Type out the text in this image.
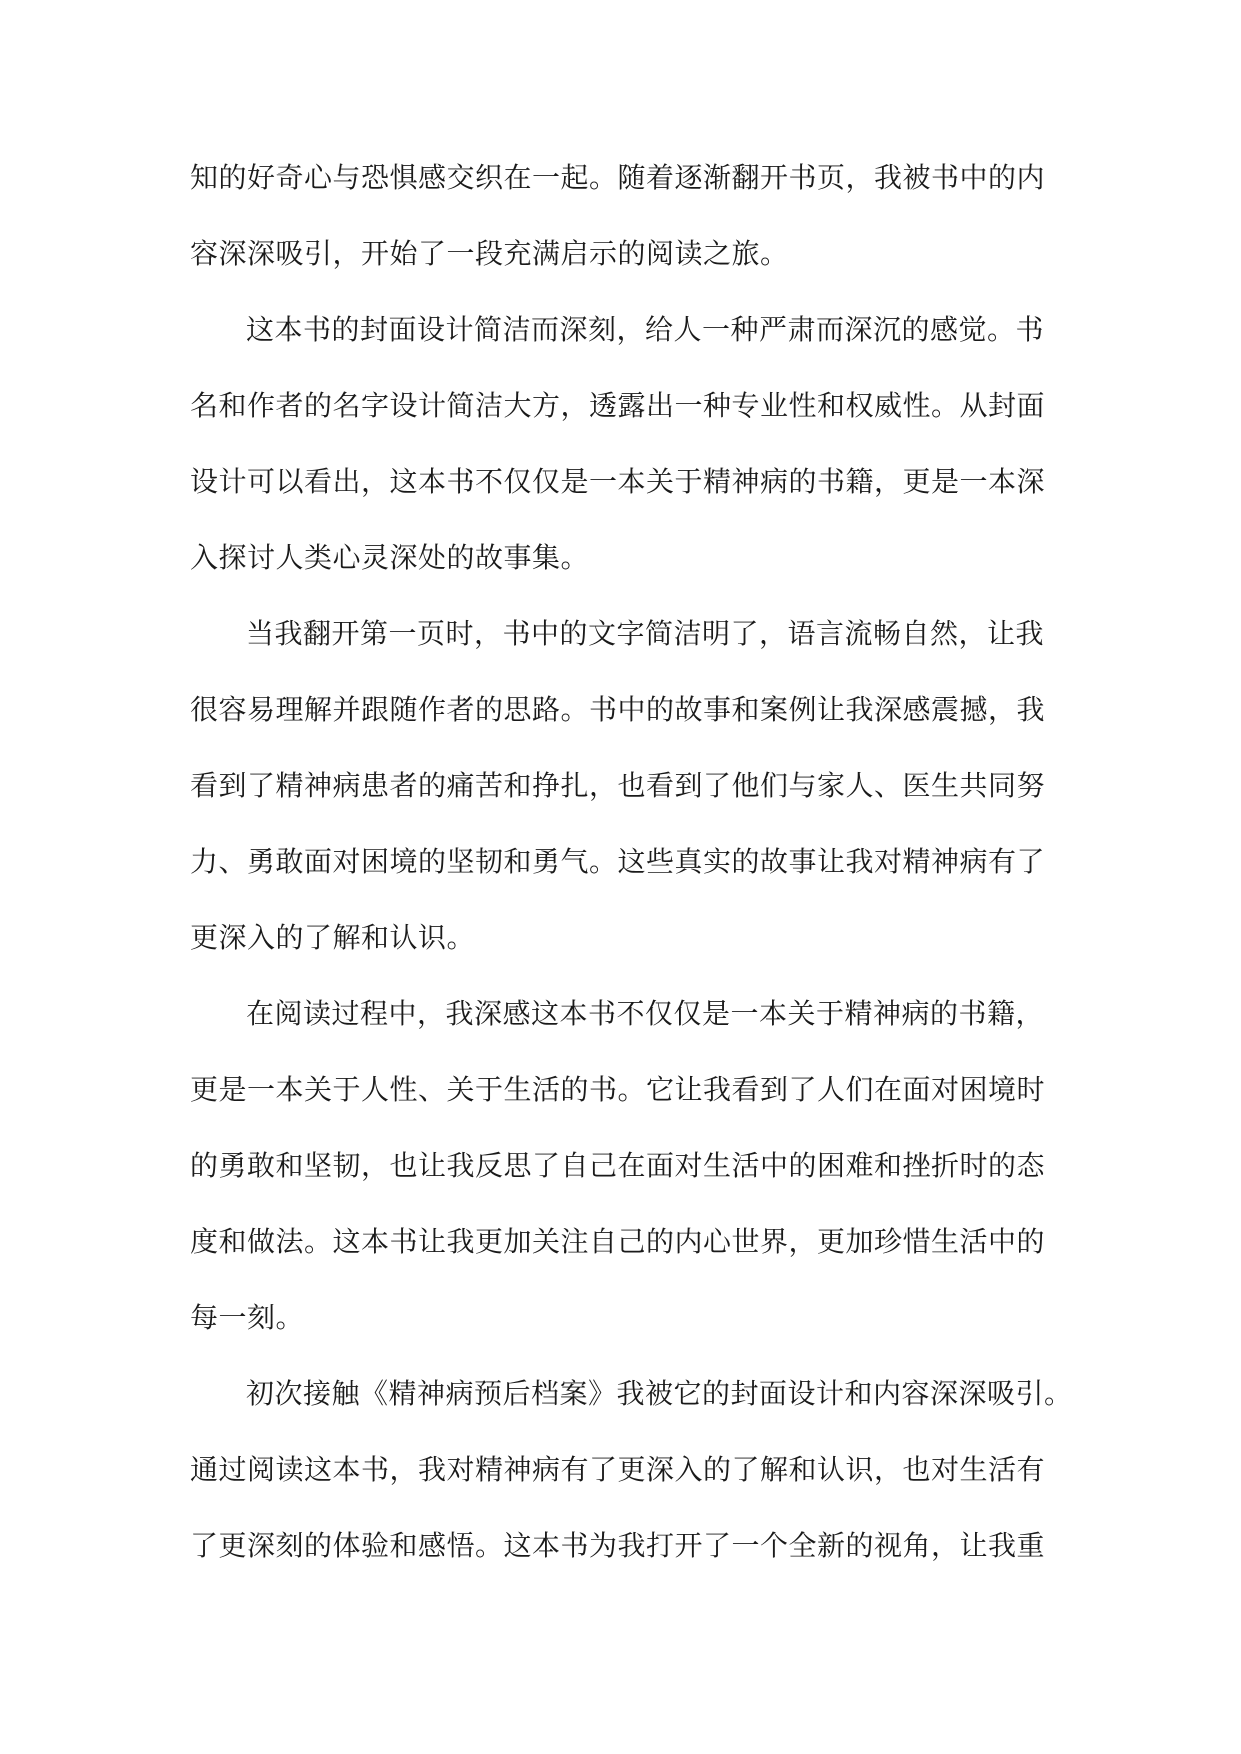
知的好奇心与恐惧感交织在一起。随着逐渐翻开书页，我被书中的内
容深深吸引，开始了一段充满启示的阅读之旅。
这本书的封面设计简洁而深刻，给人一种严肃而深沉的感觉。书
名和作者的名字设计简洁大方，透露出一种专业性和权威性。从封面
设计可以看出，这本书不仅仅是一本关于精神病的书籍，更是一本深
入探讨人类心灵深处的故事集。
当我翻开第一页时，书中的文字简洁明了，语言流畅自然，让我
很容易理解并跟随作者的思路。书中的故事和案例让我深感震撼，我
看到了精神病患者的痛苦和挣扎，也看到了他们与家人、医生共同努
力、勇敢面对困境的坚韧和勇气。这些真实的故事让我对精神病有了
更深入的了解和认识。
在阅读过程中，我深感这本书不仅仅是一本关于精神病的书籍，
更是一本关于人性、关于生活的书。它让我看到了人们在面对困境时
的勇敢和坚韧，也让我反思了自己在面对生活中的困难和挫折时的态
度和做法。这本书让我更加关注自己的内心世界，更加珍惜生活中的
每一刻。
初次接触《精神病预后档案》我被它的封面设计和内容深深吸引。
通过阅读这本书，我对精神病有了更深入的了解和认识，也对生活有
了更深刻的体验和感悟。这本书为我打开了一个全新的视角，让我重
